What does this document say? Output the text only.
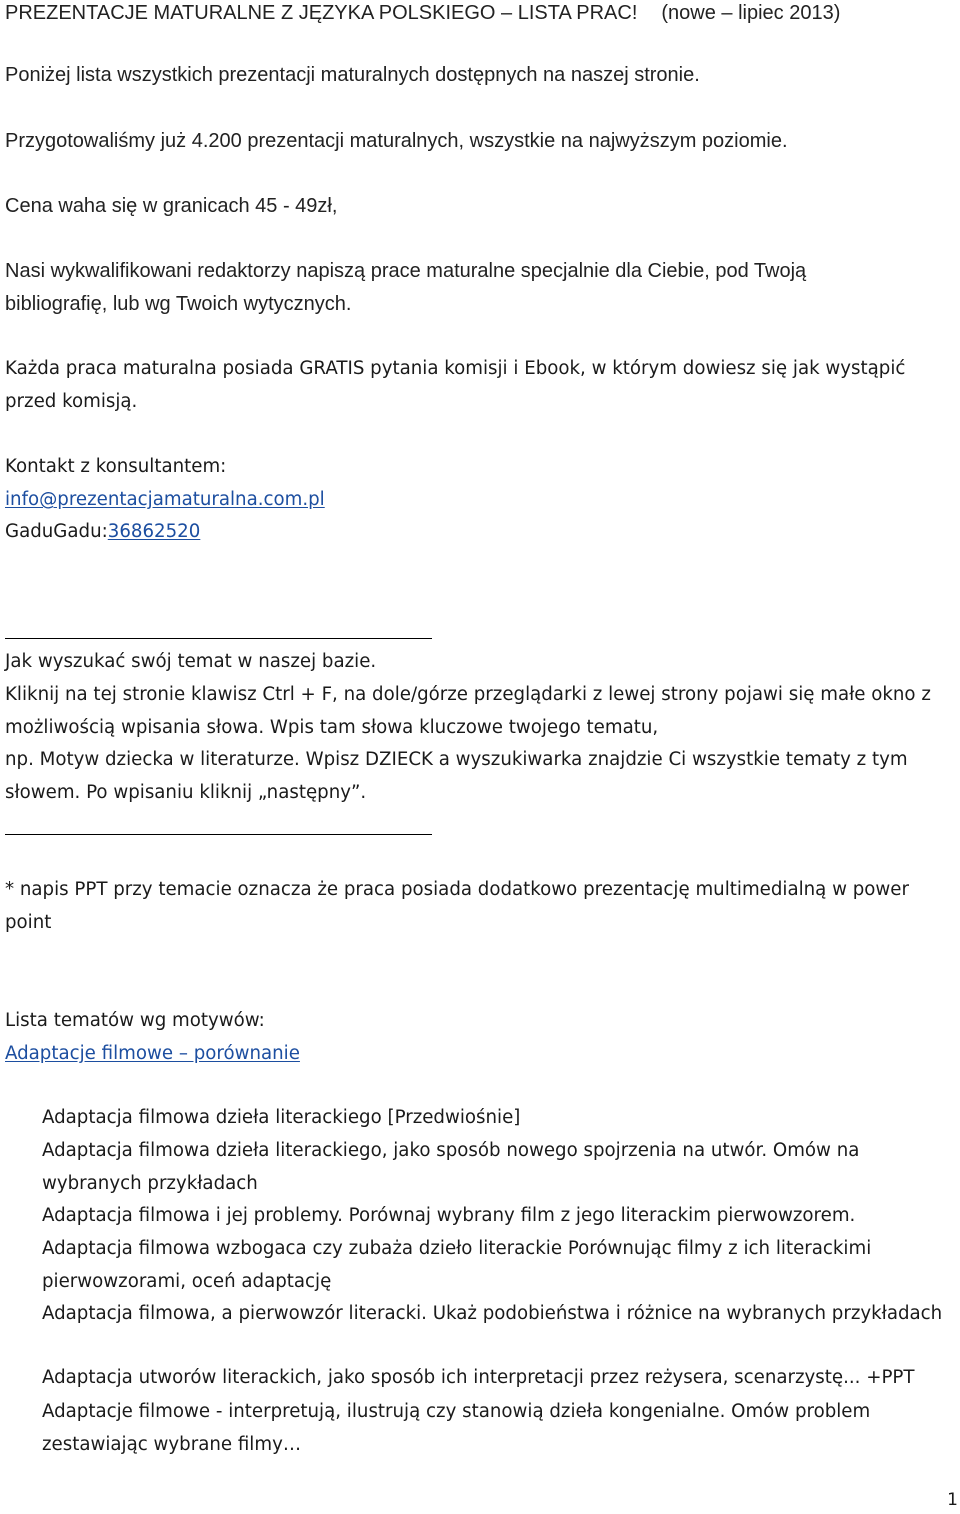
PREZENTACJE MATURALNE Z JĘZYKA POLSKIEGO – LISTA PRAC! (nowe – lipiec 2013)

Poniżej lista wszystkich prezentacji maturalnych dostępnych na naszej stronie.

Przygotowaliśmy już 4.200 prezentacji maturalnych, wszystkie na najwyższym poziomie.

Cena waha się w granicach 45 - 49zł,

Nasi wykwalifikowani redaktorzy napiszą prace maturalne specjalnie dla Ciebie, pod Twoją bibliografię, lub wg Twoich wytycznych.

Każda praca maturalna posiada GRATIS pytania komisji i Ebook, w którym dowiesz się jak wystąpić przed komisją.

Kontakt z konsultantem:

info@prezentacjamaturalna.com.pl

GaduGadu:36862520

Jak wyszukać swój temat w naszej bazie.

Kliknij na tej stronie klawisz Ctrl + F, na dole/górze przeglądarki z lewej strony pojawi się małe okno z możliwością wpisania słowa. Wpis tam słowa kluczowe twojego tematu,

np. Motyw dziecka w literaturze. Wpisz DZIECK a wyszukiwarka znajdzie Ci wszystkie tematy z tym słowem. Po wpisaniu kliknij „następny”.

* napis PPT przy temacie oznacza że praca posiada dodatkowo prezentację multimedialną w power point

Lista tematów wg motywów:

Adaptacje filmowe – porównanie

Adaptacja filmowa dzieła literackiego [Przedwiośnie]

Adaptacja filmowa dzieła literackiego, jako sposób nowego spojrzenia na utwór. Omów na wybranych przykładach

Adaptacja filmowa i jej problemy. Porównaj wybrany film z jego literackim pierwowzorem.

Adaptacja filmowa wzbogaca czy zubaża dzieło literackie Porównując filmy z ich literackimi pierwowzorami, oceń adaptację

Adaptacja filmowa, a pierwowzór literacki. Ukaż podobieństwa i różnice na wybranych przykładach

Adaptacja utworów literackich, jako sposób ich interpretacji przez reżysera, scenarzystę... +PPT

Adaptacje filmowe - interpretują, ilustrują czy stanowią dzieła kongenialne. Omów problem zestawiając wybrane filmy…

1
